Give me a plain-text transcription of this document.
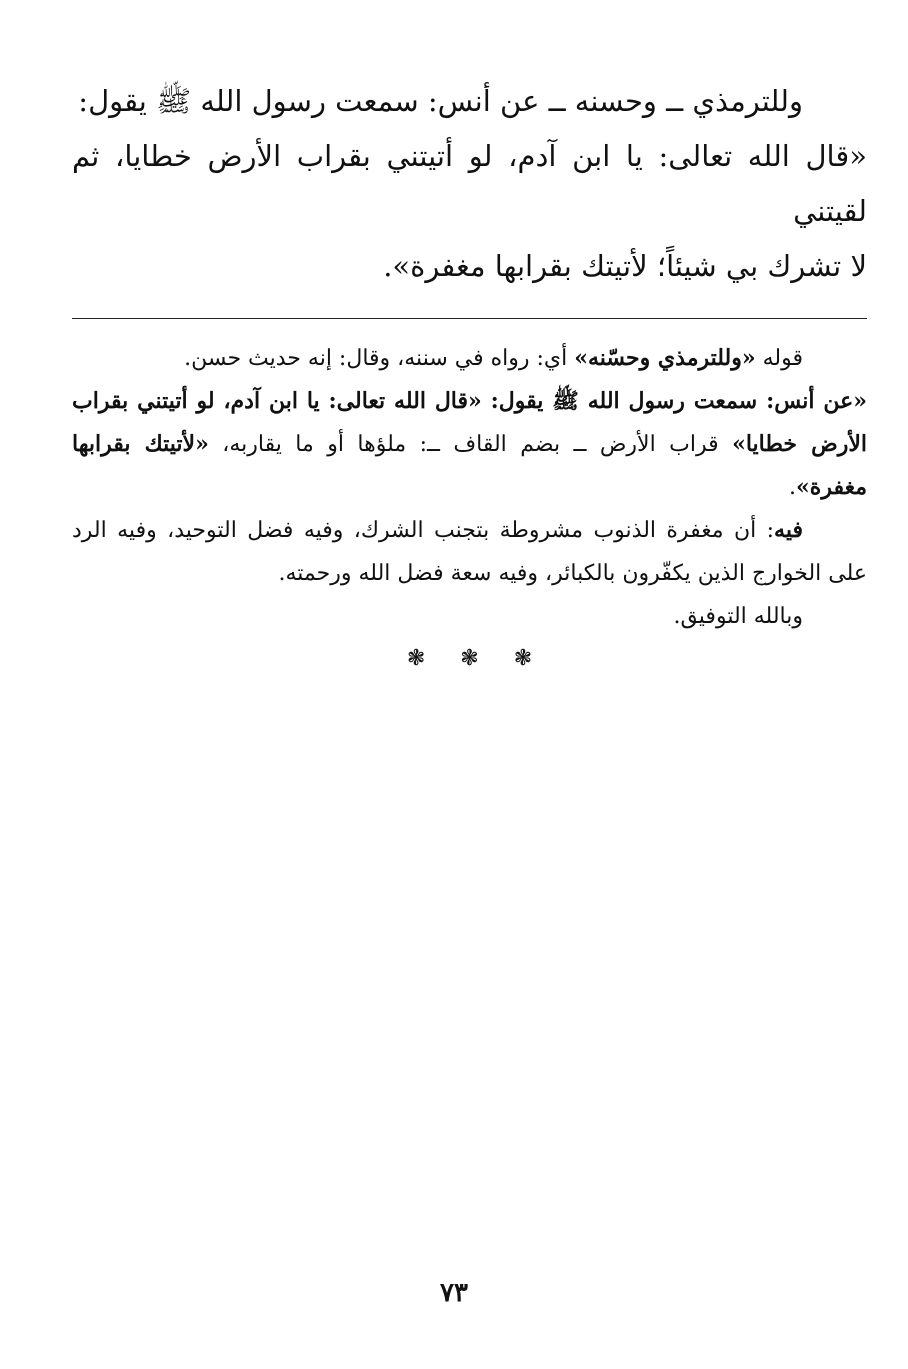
وللترمذي ــ وحسنه ــ عن أنس: سمعت رسول الله ﷺ يقول:
«قال الله تعالى: يا ابن آدم، لو أتيتني بقراب الأرض خطايا، ثم لقيتني
لا تشرك بي شيئاً؛ لأتيتك بقرابها مغفرة».

قوله «وللترمذي وحسّنه» أي: رواه في سننه، وقال: إنه حديث حسن.

«عن أنس: سمعت رسول الله ﷺ يقول: «قال الله تعالى: يا ابن آدم، لو أتيتني بقراب الأرض خطايا» قراب الأرض ــ بضم القاف ــ: ملؤها أو ما يقاربه، «لأتيتك بقرابها مغفرة».

فيه: أن مغفرة الذنوب مشروطة بتجنب الشرك، وفيه فضل التوحيد، وفيه الرد على الخوارج الذين يكفّرون بالكبائر، وفيه سعة فضل الله ورحمته.

وبالله التوفيق.

❃ ❃ ❃
٧٣
